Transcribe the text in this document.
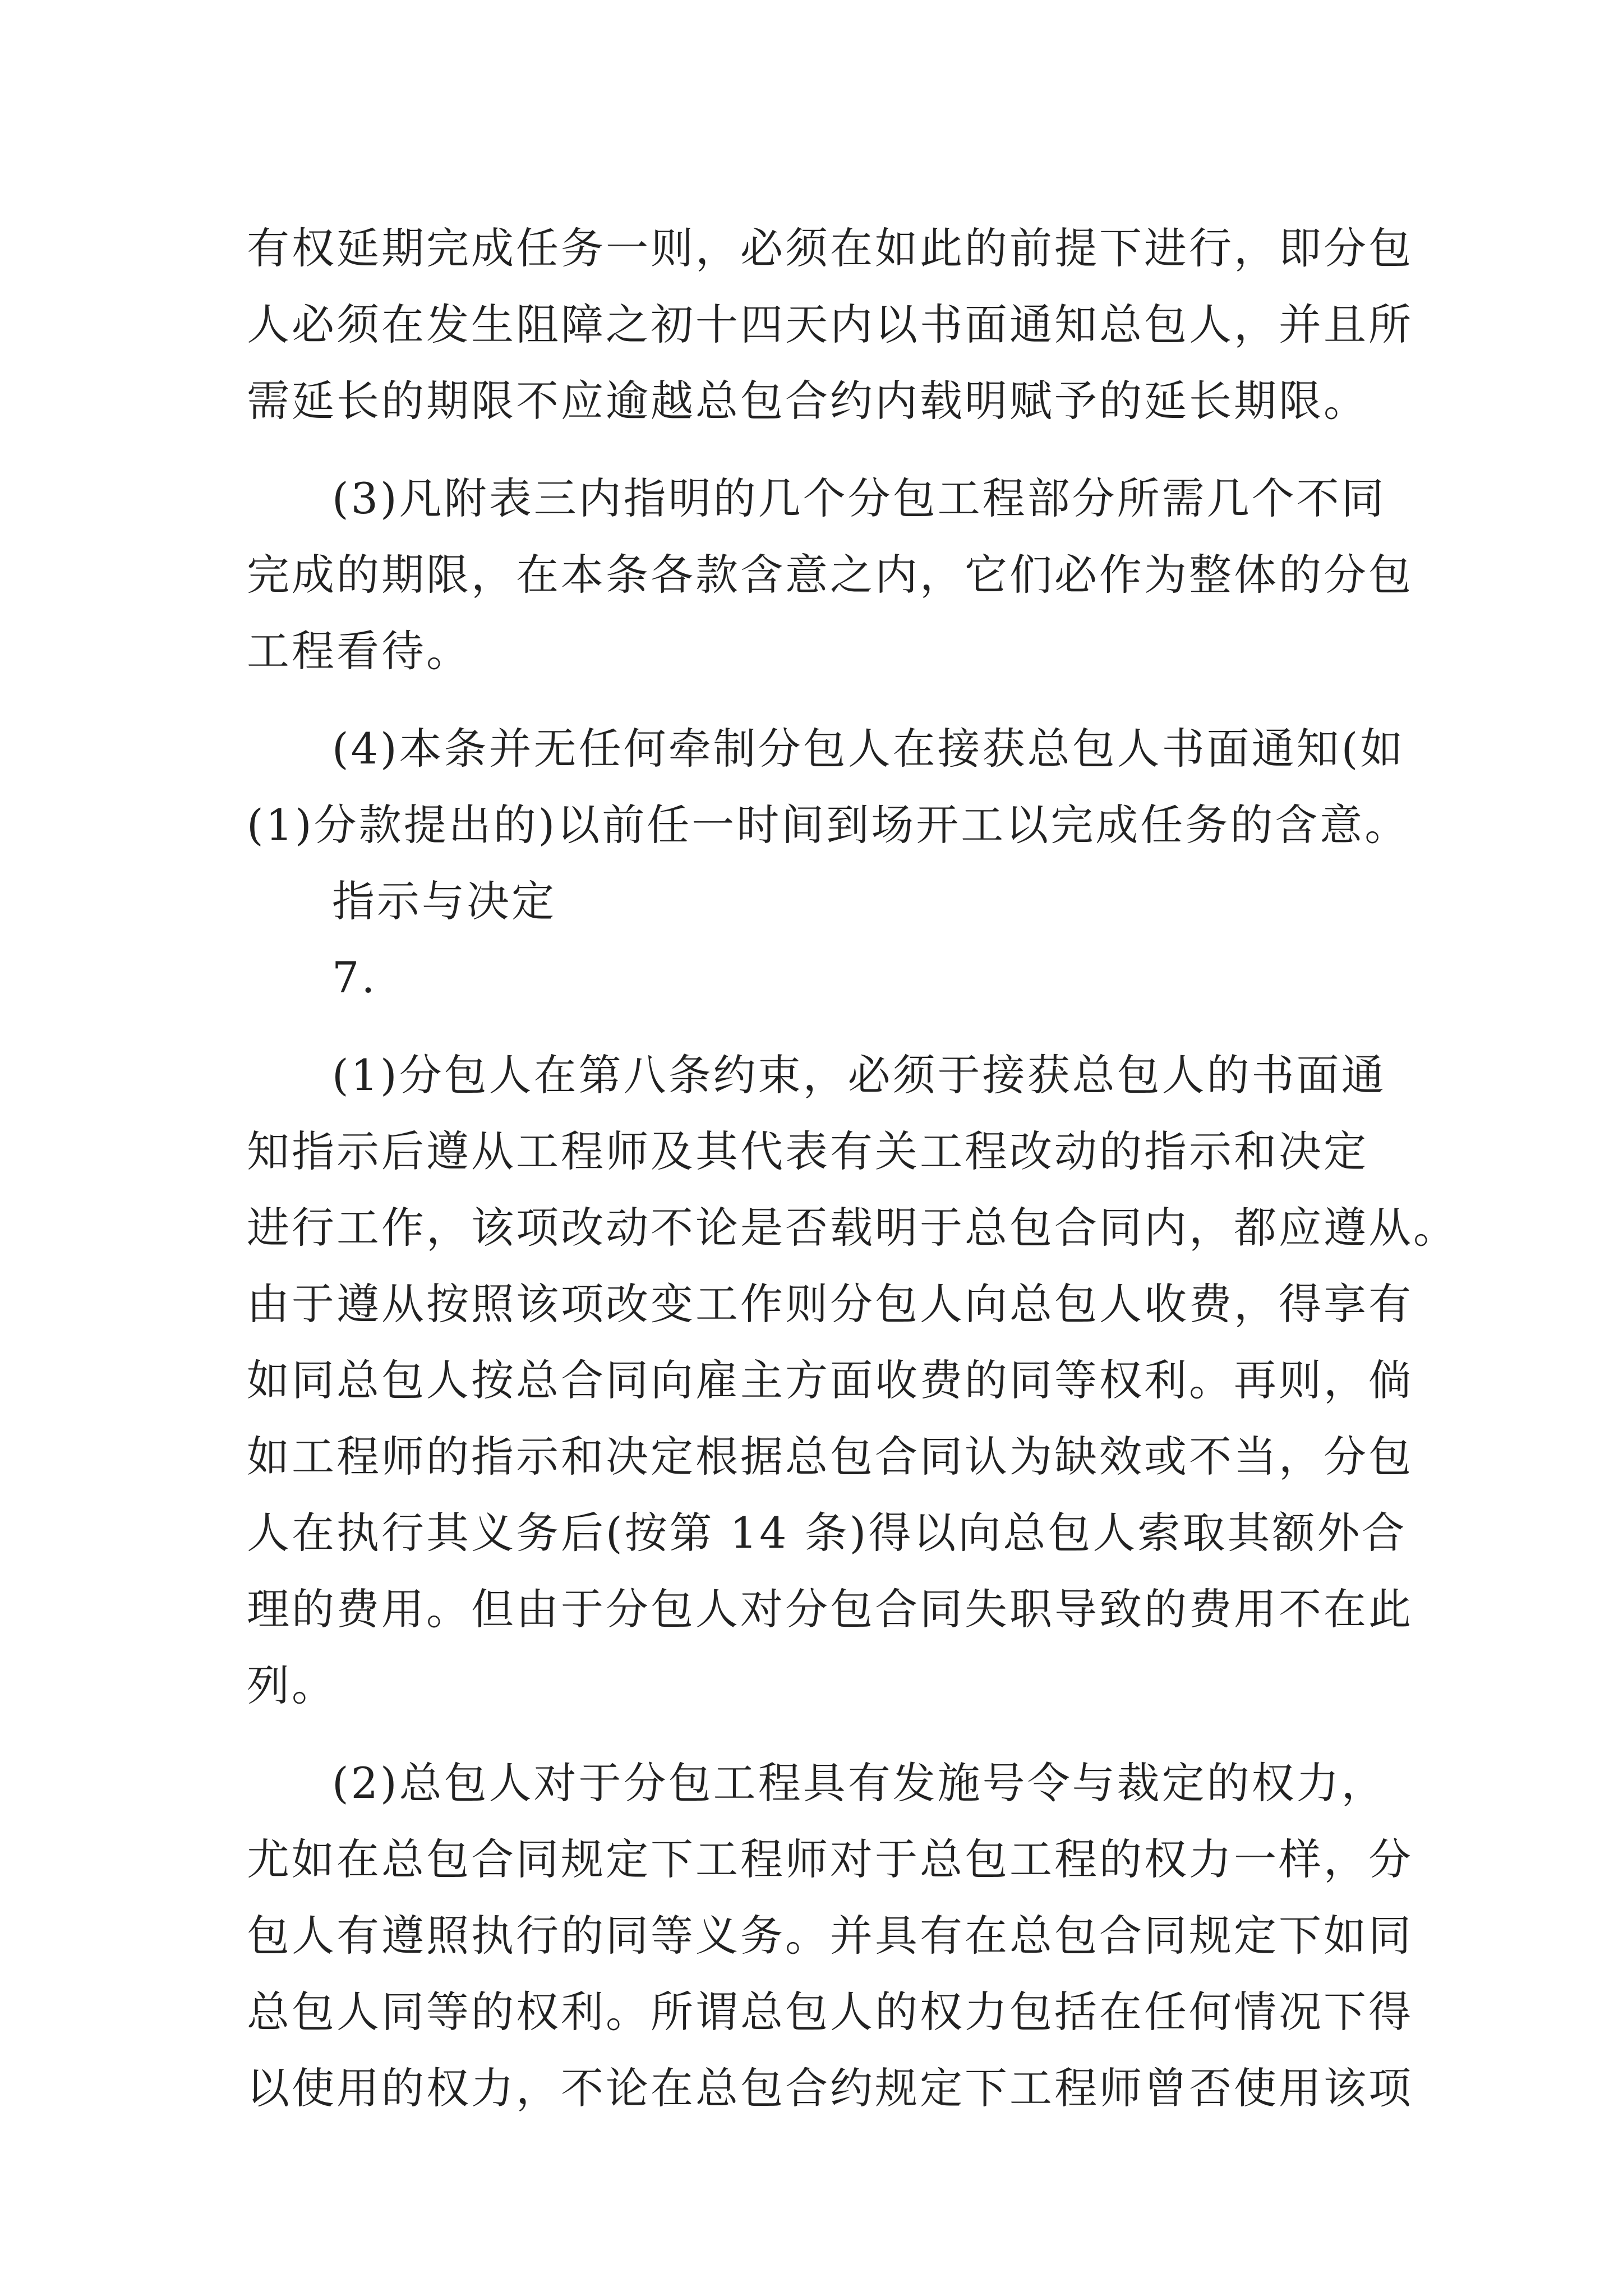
有权延期完成任务一则，必须在如此的前提下进行，即分包
人必须在发生阻障之初十四天内以书面通知总包人，并且所
需延长的期限不应逾越总包合约内载明赋予的延长期限。
(3)凡附表三内指明的几个分包工程部分所需几个不同
完成的期限，在本条各款含意之内，它们必作为整体的分包
工程看待。
(4)本条并无任何牵制分包人在接获总包人书面通知(如
(1)分款提出的)以前任一时间到场开工以完成任务的含意。
指示与决定
7.
(1)分包人在第八条约束，必须于接获总包人的书面通
知指示后遵从工程师及其代表有关工程改动的指示和决定
进行工作，该项改动不论是否载明于总包合同内，都应遵从。
由于遵从按照该项改变工作则分包人向总包人收费，得享有
如同总包人按总合同向雇主方面收费的同等权利。再则，倘
如工程师的指示和决定根据总包合同认为缺效或不当，分包
人在执行其义务后(按第 14 条)得以向总包人索取其额外合
理的费用。但由于分包人对分包合同失职导致的费用不在此
列。
(2)总包人对于分包工程具有发施号令与裁定的权力，
尤如在总包合同规定下工程师对于总包工程的权力一样，分
包人有遵照执行的同等义务。并具有在总包合同规定下如同
总包人同等的权利。所谓总包人的权力包括在任何情况下得
以使用的权力，不论在总包合约规定下工程师曾否使用该项
